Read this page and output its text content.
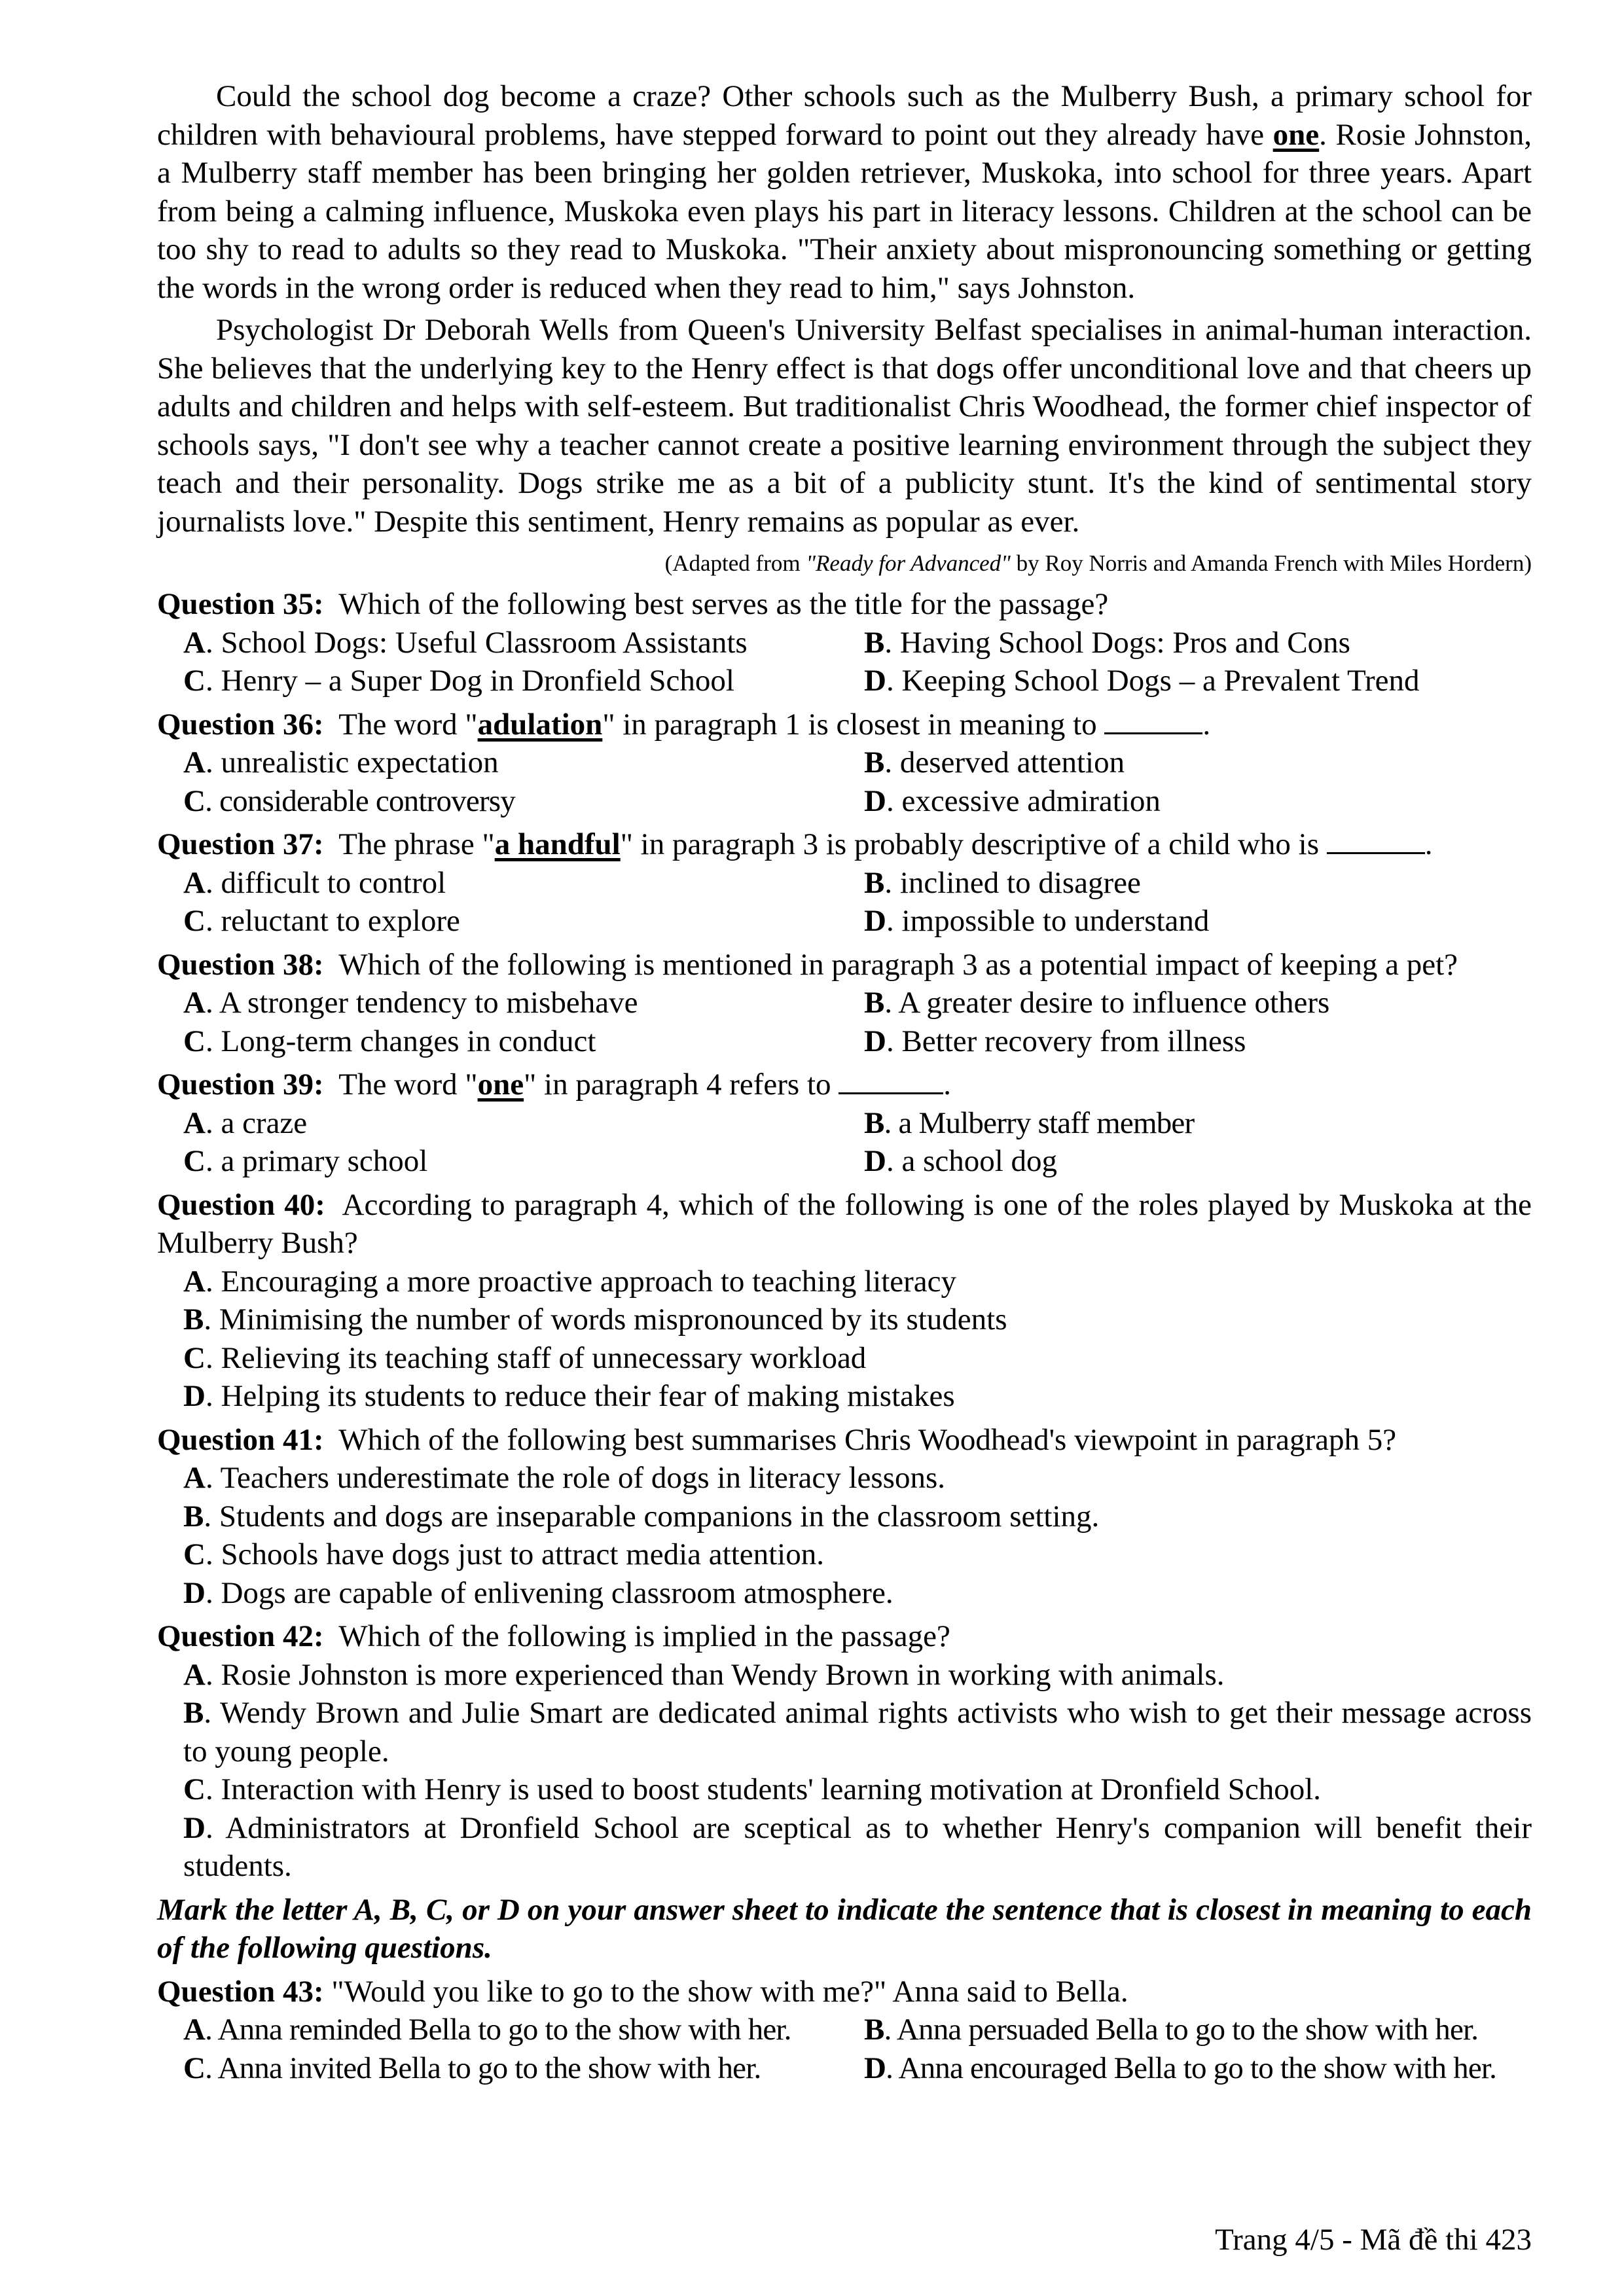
Could the school dog become a craze? Other schools such as the Mulberry Bush, a primary school for children with behavioural problems, have stepped forward to point out they already have one. Rosie Johnston, a Mulberry staff member has been bringing her golden retriever, Muskoka, into school for three years. Apart from being a calming influence, Muskoka even plays his part in literacy lessons. Children at the school can be too shy to read to adults so they read to Muskoka. "Their anxiety about mispronouncing something or getting the words in the wrong order is reduced when they read to him," says Johnston.

Psychologist Dr Deborah Wells from Queen's University Belfast specialises in animal-human interaction. She believes that the underlying key to the Henry effect is that dogs offer unconditional love and that cheers up adults and children and helps with self-esteem. But traditionalist Chris Woodhead, the former chief inspector of schools says, "I don't see why a teacher cannot create a positive learning environment through the subject they teach and their personality. Dogs strike me as a bit of a publicity stunt. It's the kind of sentimental story journalists love." Despite this sentiment, Henry remains as popular as ever.

(Adapted from "Ready for Advanced" by Roy Norris and Amanda French with Miles Hordern)
Question 35: Which of the following best serves as the title for the passage?
A. School Dogs: Useful Classroom Assistants	B. Having School Dogs: Pros and Cons
C. Henry – a Super Dog in Dronfield School	D. Keeping School Dogs – a Prevalent Trend
Question 36: The word "adulation" in paragraph 1 is closest in meaning to	.
A. unrealistic expectation	B. deserved attention
C. considerable controversy	D. excessive admiration
Question 37: The phrase "a handful" in paragraph 3 is probably descriptive of a child who is	.
A. difficult to control	B. inclined to disagree
C. reluctant to explore	D. impossible to understand
Question 38: Which of the following is mentioned in paragraph 3 as a potential impact of keeping a pet?
A. A stronger tendency to misbehave	B. A greater desire to influence others
C. Long-term changes in conduct	D. Better recovery from illness
Question 39: The word "one" in paragraph 4 refers to	.
A. a craze	B. a Mulberry staff member
C. a primary school	D. a school dog
Question 40: According to paragraph 4, which of the following is one of the roles played by Muskoka at the Mulberry Bush?
A. Encouraging a more proactive approach to teaching literacy
B. Minimising the number of words mispronounced by its students
C. Relieving its teaching staff of unnecessary workload
D. Helping its students to reduce their fear of making mistakes
Question 41: Which of the following best summarises Chris Woodhead's viewpoint in paragraph 5?
A. Teachers underestimate the role of dogs in literacy lessons.
B. Students and dogs are inseparable companions in the classroom setting.
C. Schools have dogs just to attract media attention.
D. Dogs are capable of enlivening classroom atmosphere.
Question 42: Which of the following is implied in the passage?
A. Rosie Johnston is more experienced than Wendy Brown in working with animals.
B. Wendy Brown and Julie Smart are dedicated animal rights activists who wish to get their message across to young people.
C. Interaction with Henry is used to boost students' learning motivation at Dronfield School.
D. Administrators at Dronfield School are sceptical as to whether Henry's companion will benefit their students.
Mark the letter A, B, C, or D on your answer sheet to indicate the sentence that is closest in meaning to each of the following questions.
Question 43: "Would you like to go to the show with me?" Anna said to Bella.
A. Anna reminded Bella to go to the show with her.	B. Anna persuaded Bella to go to the show with her.
C. Anna invited Bella to go to the show with her.	D. Anna encouraged Bella to go to the show with her.
Trang 4/5 - Mã đề thi 423
